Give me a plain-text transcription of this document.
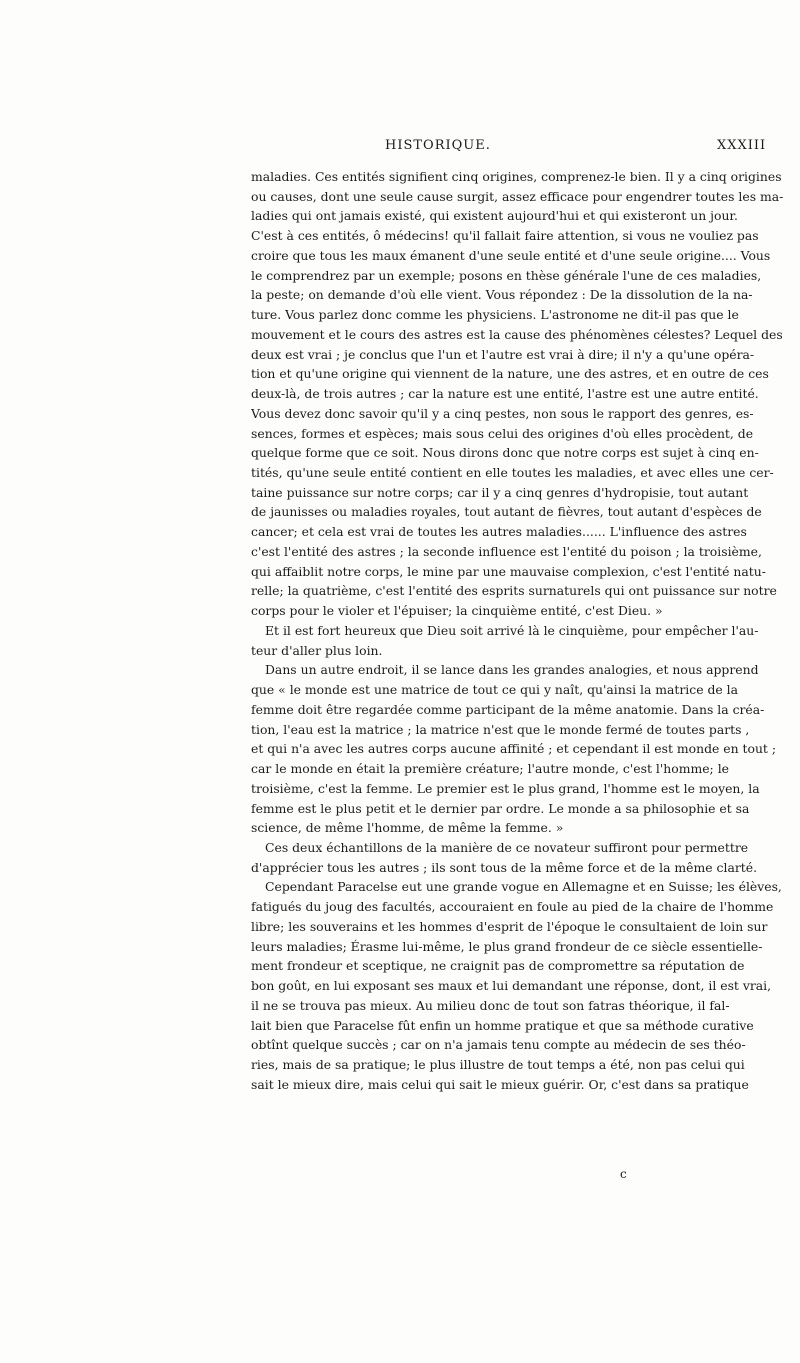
HISTORIQUE.	XXXIII
maladies. Ces entités signifient cinq origines, comprenez-le bien. Il y a cinq origines
ou causes, dont une seule cause surgit, assez efficace pour engendrer toutes les ma-
ladies qui ont jamais existé, qui existent aujourd'hui et qui existeront un jour.
C'est à ces entités, ô médecins! qu'il fallait faire attention, si vous ne vouliez pas
croire que tous les maux émanent d'une seule entité et d'une seule origine.... Vous
le comprendrez par un exemple; posons en thèse générale l'une de ces maladies,
la peste; on demande d'où elle vient. Vous répondez : De la dissolution de la na-
ture. Vous parlez donc comme les physiciens. L'astronome ne dit-il pas que le
mouvement et le cours des astres est la cause des phénomènes célestes? Lequel des
deux est vrai ; je conclus que l'un et l'autre est vrai à dire; il n'y a qu'une opéra-
tion et qu'une origine qui viennent de la nature, une des astres, et en outre de ces
deux-là, de trois autres ; car la nature est une entité, l'astre est une autre entité.
Vous devez donc savoir qu'il y a cinq pestes, non sous le rapport des genres, es-
sences, formes et espèces; mais sous celui des origines d'où elles procèdent, de
quelque forme que ce soit. Nous dirons donc que notre corps est sujet à cinq en-
tités, qu'une seule entité contient en elle toutes les maladies, et avec elles une cer-
taine puissance sur notre corps; car il y a cinq genres d'hydropisie, tout autant
de jaunisses ou maladies royales, tout autant de fièvres, tout autant d'espèces de
cancer; et cela est vrai de toutes les autres maladies...... L'influence des astres
c'est l'entité des astres ; la seconde influence est l'entité du poison ; la troisième,
qui affaiblit notre corps, le mine par une mauvaise complexion, c'est l'entité natu-
relle; la quatrième, c'est l'entité des esprits surnaturels qui ont puissance sur notre
corps pour le violer et l'épuiser; la cinquième entité, c'est Dieu. »
Et il est fort heureux que Dieu soit arrivé là le cinquième, pour empêcher l'au-
teur d'aller plus loin.
Dans un autre endroit, il se lance dans les grandes analogies, et nous apprend
que « le monde est une matrice de tout ce qui y naît, qu'ainsi la matrice de la
femme doit être regardée comme participant de la même anatomie. Dans la créa-
tion, l'eau est la matrice ; la matrice n'est que le monde fermé de toutes parts ,
et qui n'a avec les autres corps aucune affinité ; et cependant il est monde en tout ;
car le monde en était la première créature; l'autre monde, c'est l'homme; le
troisième, c'est la femme. Le premier est le plus grand, l'homme est le moyen, la
femme est le plus petit et le dernier par ordre. Le monde a sa philosophie et sa
science, de même l'homme, de même la femme. »
Ces deux échantillons de la manière de ce novateur suffiront pour permettre
d'apprécier tous les autres ; ils sont tous de la même force et de la même clarté.
Cependant Paracelse eut une grande vogue en Allemagne et en Suisse; les élèves,
fatigués du joug des facultés, accouraient en foule au pied de la chaire de l'homme
libre; les souverains et les hommes d'esprit de l'époque le consultaient de loin sur
leurs maladies; Érasme lui-même, le plus grand frondeur de ce siècle essentielle-
ment frondeur et sceptique, ne craignit pas de compromettre sa réputation de
bon goût, en lui exposant ses maux et lui demandant une réponse, dont, il est vrai,
il ne se trouva pas mieux. Au milieu donc de tout son fatras théorique, il fal-
lait bien que Paracelse fût enfin un homme pratique et que sa méthode curative
obtînt quelque succès ; car on n'a jamais tenu compte au médecin de ses théo-
ries, mais de sa pratique; le plus illustre de tout temps a été, non pas celui qui
sait le mieux dire, mais celui qui sait le mieux guérir. Or, c'est dans sa pratique
c
